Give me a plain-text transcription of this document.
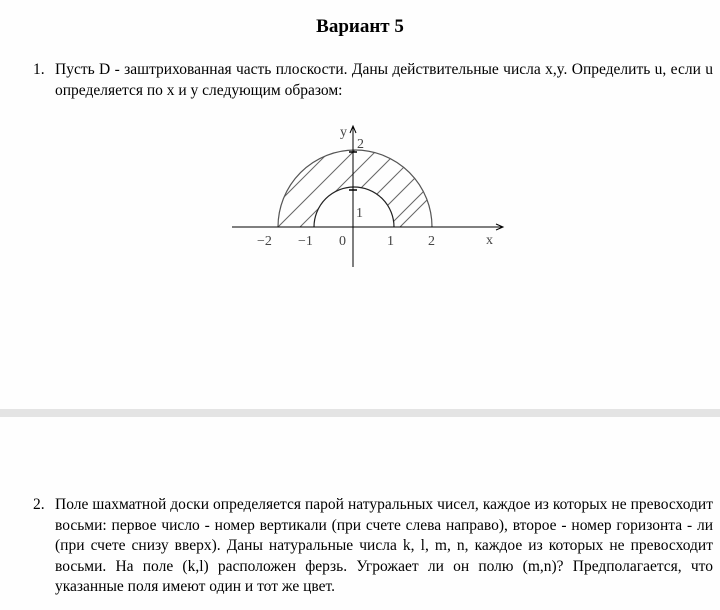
Вариант 5
1. Пусть D - заштрихованная часть плоскости. Даны действительные числа x,y. Определить u, если u определяется по x и y следующим образом:
y
2
1
−2 −1 0	1 2	x
2. Поле шахматной доски определяется парой натуральных чисел, каждое из которых не превосходит восьми: первое число - номер вертикали (при счете слева направо), второе - номер горизонта - ли (при счете снизу вверх). Даны натуральные числа k, l, m, n, каждое из которых не превосходит восьми. На поле (k,l) расположен ферзь. Угрожает ли он полю (m,n)? Предполагается, что указанные поля имеют один и тот же цвет.
